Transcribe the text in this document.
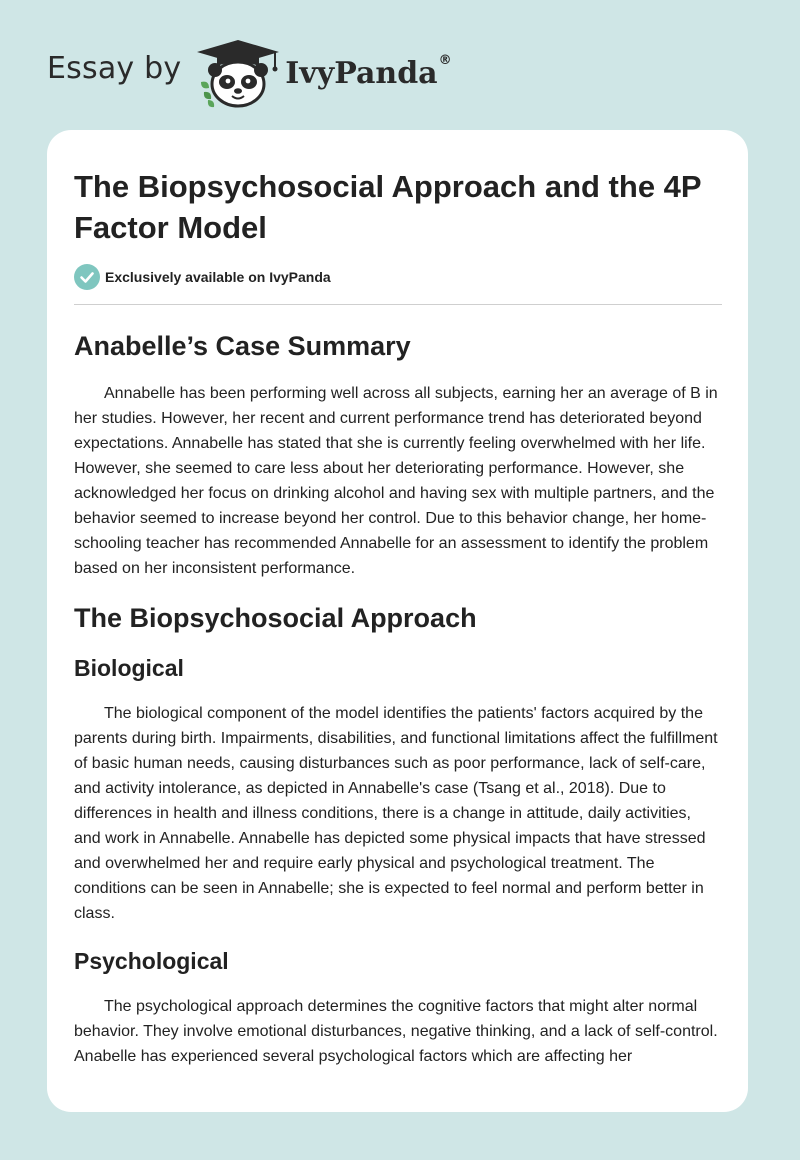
Essay by	IvyPanda ®
The Biopsychosocial Approach and the 4P Factor Model
Exclusively available on IvyPanda
Anabelle’s Case Summary

Annabelle has been performing well across all subjects, earning her an average of B in her studies. However, her recent and current performance trend has deteriorated beyond expectations. Annabelle has stated that she is currently feeling overwhelmed with her life. However, she seemed to care less about her deteriorating performance. However, she acknowledged her focus on drinking alcohol and having sex with multiple partners, and the behavior seemed to increase beyond her control. Due to this behavior change, her home-schooling teacher has recommended Annabelle for an assessment to identify the problem based on her inconsistent performance.

The Biopsychosocial Approach
Biological

The biological component of the model identifies the patients' factors acquired by the parents during birth. Impairments, disabilities, and functional limitations affect the fulfillment of basic human needs, causing disturbances such as poor performance, lack of self-care, and activity intolerance, as depicted in Annabelle's case (Tsang et al., 2018). Due to differences in health and illness conditions, there is a change in attitude, daily activities, and work in Annabelle. Annabelle has depicted some physical impacts that have stressed and overwhelmed her and require early physical and psychological treatment. The conditions can be seen in Annabelle; she is expected to feel normal and perform better in class.

Psychological

The psychological approach determines the cognitive factors that might alter normal behavior. They involve emotional disturbances, negative thinking, and a lack of self-control. Anabelle has experienced several psychological factors which are affecting her
